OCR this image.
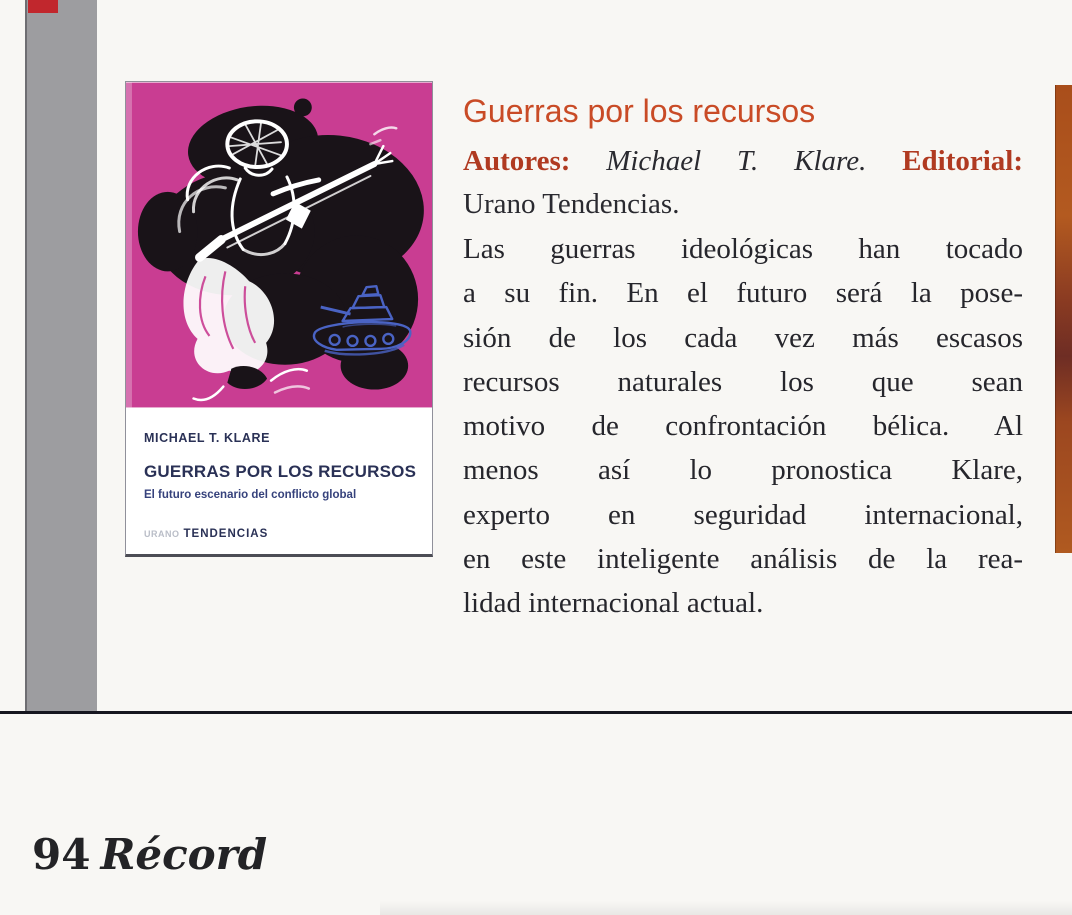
MICHAEL T. KLARE
GUERRAS POR LOS RECURSOS
El futuro escenario del conflicto global
URANO TENDENCIAS
Guerras por los recursos
Autores: Michael T. Klare. Editorial:
Urano Tendencias.
Las guerras ideológicas han tocado
a su fin. En el futuro será la pose-
sión de los cada vez más escasos
recursos naturales los que sean
motivo de confrontación bélica. Al
menos así lo pronostica Klare,
experto en seguridad internacional,
en este inteligente análisis de la rea-
lidad internacional actual.
94 Récord
